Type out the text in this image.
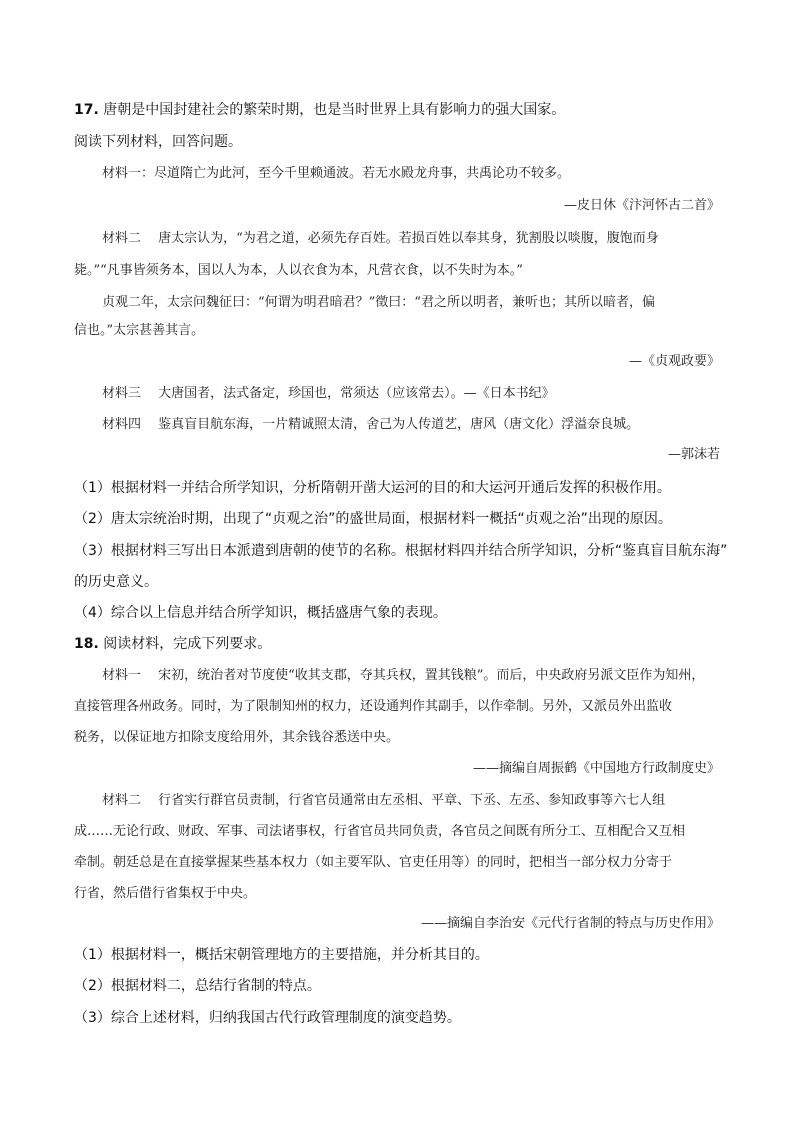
17. 唐朝是中国封建社会的繁荣时期，也是当时世界上具有影响力的强大国家。
阅读下列材料，回答问题。
材料一：尽道隋亡为此河，至今千里赖通波。若无水殿龙舟事，共禹论功不较多。
—皮日休《汴河怀古二首》
材料二　 唐太宗认为，“为君之道，必须先存百姓。若损百姓以奉其身，犹割股以啖腹，腹饱而身
毙。”“凡事皆须务本，国以人为本，人以衣食为本，凡营衣食，以不失时为本。”
贞观二年，太宗问魏征曰：“何谓为明君暗君？”徵曰：“君之所以明者，兼听也；其所以暗者，偏
信也。”太宗甚善其言。
—《贞观政要》
材料三　 大唐国者，法式备定，珍国也，常须达（应该常去）。—《日本书纪》
材料四　 鉴真盲目航东海，一片精诚照太清，舍己为人传道艺，唐风（唐文化）浮溢奈良城。
—郭沫若
（1）根据材料一并结合所学知识，分析隋朝开凿大运河的目的和大运河开通后发挥的积极作用。
（2）唐太宗统治时期，出现了“贞观之治”的盛世局面，根据材料一概括“贞观之治”出现的原因。
（3）根据材料三写出日本派遣到唐朝的使节的名称。根据材料四并结合所学知识，分析“鉴真盲目航东海”
的历史意义。
（4）综合以上信息并结合所学知识，概括盛唐气象的表现。
18. 阅读材料，完成下列要求。
材料一　 宋初，统治者对节度使“收其支郡，夺其兵权，置其钱粮”。而后，中央政府另派文臣作为知州，
直接管理各州政务。同时，为了限制知州的权力，还设通判作其副手，以作牵制。另外，又派员外出监收
税务，以保证地方扣除支度给用外，其余钱谷悉送中央。
——摘编自周振鹤《中国地方行政制度史》
材料二　 行省实行群官员责制，行省官员通常由左丞相、平章、下丞、左丞、参知政事等六七人组
成……无论行政、财政、军事、司法诸事权，行省官员共同负责，各官员之间既有所分工、互相配合又互相
牵制。朝廷总是在直接掌握某些基本权力（如主要军队、官吏任用等）的同时，把相当一部分权力分寄于
行省，然后借行省集权于中央。
——摘编自李治安《元代行省制的特点与历史作用》
（1）根据材料一，概括宋朝管理地方的主要措施，并分析其目的。
（2）根据材料二，总结行省制的特点。
（3）综合上述材料，归纳我国古代行政管理制度的演变趋势。
